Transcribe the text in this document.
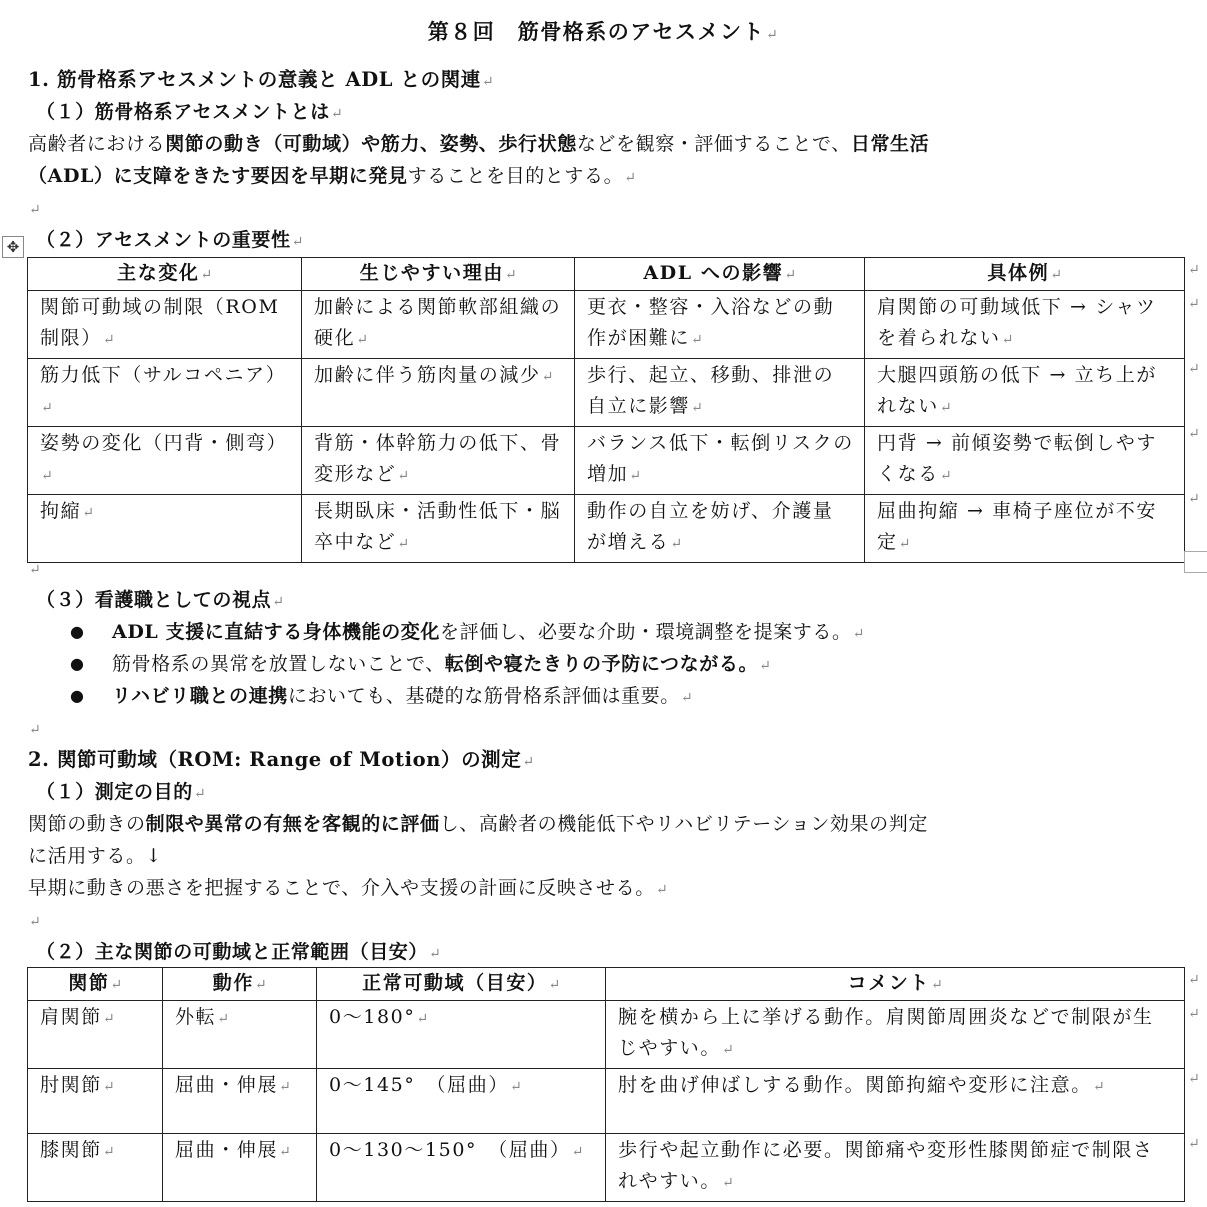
第８回　筋骨格系のアセスメント↵
1. 筋骨格系アセスメントの意義と ADL との関連↵
（１）筋骨格系アセスメントとは↵
高齢者における関節の動き（可動域）や筋力、姿勢、歩行状態などを観察・評価することで、日常生活
（ADL）に支障をきたす要因を早期に発見することを目的とする。↵
↵
✥ （２）アセスメントの重要性↵
主な変化↵	生じやすい理由↵	ADL への影響↵	具体例↵
関節可動域の制限（ROM 制限）↵	加齢による関節軟部組織の硬化↵	更衣・整容・入浴などの動作が困難に↵	肩関節の可動域低下 → シャツを着られない↵
筋力低下（サルコペニア）↵	加齢に伴う筋肉量の減少↵	歩行、起立、移動、排泄の自立に影響↵	大腿四頭筋の低下 → 立ち上がれない↵
姿勢の変化（円背・側弯）↵	背筋・体幹筋力の低下、骨変形など↵	バランス低下・転倒リスクの増加↵	円背 → 前傾姿勢で転倒しやすくなる↵
拘縮↵	長期臥床・活動性低下・脳卒中など↵	動作の自立を妨げ、介護量が増える↵	屈曲拘縮 → 車椅子座位が不安定↵
↵
↵
↵
↵
↵
↵
（３）看護職としての視点↵
● ADL 支援に直結する身体機能の変化を評価し、必要な介助・環境調整を提案する。↵
● 筋骨格系の異常を放置しないことで、転倒や寝たきりの予防につながる。↵
● リハビリ職との連携においても、基礎的な筋骨格系評価は重要。↵
↵
2. 関節可動域（ROM: Range of Motion）の測定↵
（１）測定の目的↵
関節の動きの制限や異常の有無を客観的に評価し、高齢者の機能低下やリハビリテーション効果の判定
に活用する。↓
早期に動きの悪さを把握することで、介入や支援の計画に反映させる。↵
↵
（２）主な関節の可動域と正常範囲（目安）↵
関節↵	動作↵	正常可動域（目安）↵	コメント↵
肩関節↵	外転↵	0～180°↵	腕を横から上に挙げる動作。肩関節周囲炎などで制限が生じやすい。↵
肘関節↵	屈曲・伸展↵	0～145°　（屈曲）↵	肘を曲げ伸ばしする動作。関節拘縮や変形に注意。↵
膝関節↵	屈曲・伸展↵	0～130～150°　（屈曲）↵	歩行や起立動作に必要。関節痛や変形性膝関節症で制限されやすい。↵
↵
↵
↵
↵
